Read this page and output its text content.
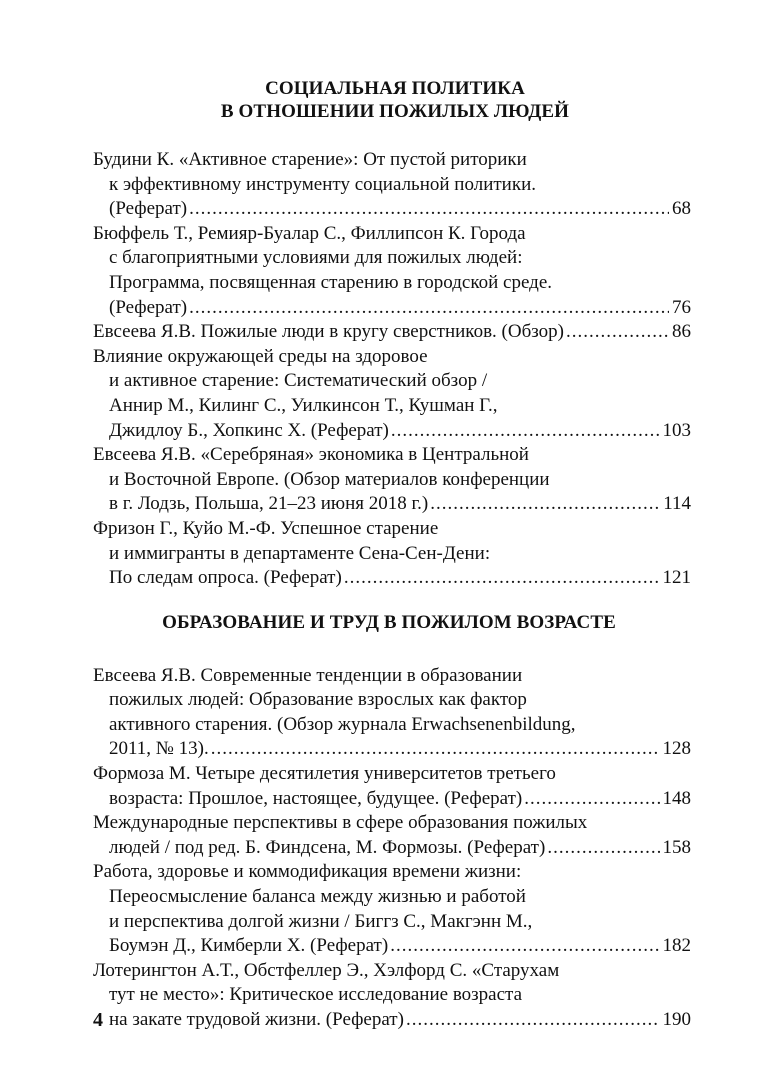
СОЦИАЛЬНАЯ ПОЛИТИКА
В ОТНОШЕНИИ ПОЖИЛЫХ ЛЮДЕЙ
Будини К. «Активное старение»: От пустой риторики
к эффективному инструменту социальной политики.
(Реферат) .....	68
Бюффель Т., Ремияр-Буалар С., Филлипсон К. Города
с благоприятными условиями для пожилых людей:
Программа, посвященная старению в городской среде.
(Реферат) .....	76
Евсеева Я.В. Пожилые люди в кругу сверстников. (Обзор) .....	86
Влияние окружающей среды на здоровое
и активное старение: Систематический обзор /
Аннир М., Килинг С., Уилкинсон Т., Кушман Г.,
Джидлоу Б., Хопкинс Х. (Реферат) .....	103
Евсеева Я.В. «Серебряная» экономика в Центральной
и Восточной Европе. (Обзор материалов конференции
в г. Лодзь, Польша, 21–23 июня 2018 г.) .....	114
Фризон Г., Куйо М.-Ф. Успешное старение
и иммигранты в департаменте Сена-Сен-Дени:
По следам опроса. (Реферат) .....	121
ОБРАЗОВАНИЕ И ТРУД В ПОЖИЛОМ ВОЗРАСТЕ
Евсеева Я.В. Современные тенденции в образовании
пожилых людей: Образование взрослых как фактор
активного старения. (Обзор журнала Erwachsenenbildung,
2011, № 13). .....	128
Формоза М. Четыре десятилетия университетов третьего
возраста: Прошлое, настоящее, будущее. (Реферат) .....	148
Международные перспективы в сфере образования пожилых
людей / под ред. Б. Финдсена, М. Формозы. (Реферат) .....	158
Работа, здоровье и коммодификация времени жизни:
Переосмысление баланса между жизнью и работой
и перспектива долгой жизни / Биггз С., Макгэнн М.,
Боумэн Д., Кимберли Х. (Реферат) .....	182
Лотерингтон А.Т., Обстфеллер Э., Хэлфорд С. «Старухам
тут не место»: Критическое исследование возраста
на закате трудовой жизни. (Реферат) .....	190
4
